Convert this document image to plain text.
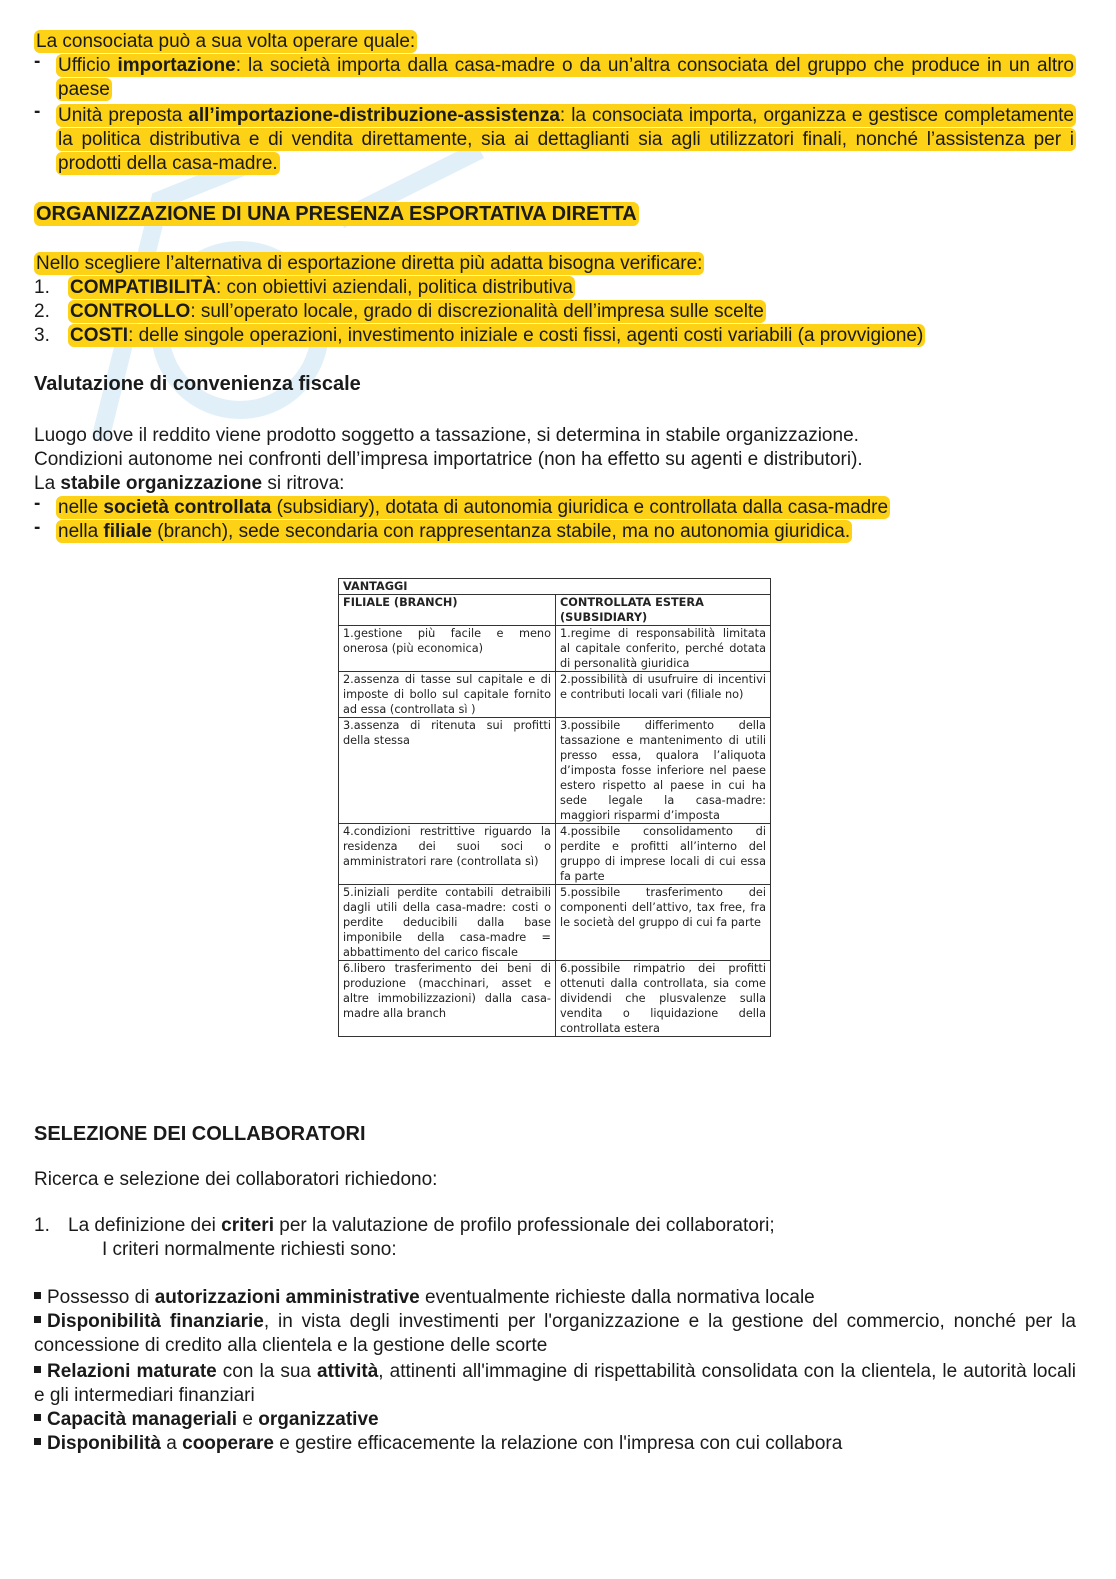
La consociata può a sua volta operare quale:

- Ufficio importazione: la società importa dalla casa-madre o da un’altra consociata del gruppo che produce in un altro paese
- Unità preposta all’importazione-distribuzione-assistenza: la consociata importa, organizza e gestisce completamente la politica distributiva e di vendita direttamente, sia ai dettaglianti sia agli utilizzatori finali, nonché l’assistenza per i prodotti della casa-madre.

ORGANIZZAZIONE DI UNA PRESENZA ESPORTATIVA DIRETTA

Nello scegliere l’alternativa di esportazione diretta più adatta bisogna verificare:

1. COMPATIBILITÀ: con obiettivi aziendali, politica distributiva
2. CONTROLLO: sull’operato locale, grado di discrezionalità dell’impresa sulle scelte
3. COSTI: delle singole operazioni, investimento iniziale e costi fissi, agenti costi variabili (a provvigione)

Valutazione di convenienza fiscale

Luogo dove il reddito viene prodotto soggetto a tassazione, si determina in stabile organizzazione.

Condizioni autonome nei confronti dell’impresa importatrice (non ha effetto su agenti e distributori).

La stabile organizzazione si ritrova:

- nelle società controllata (subsidiary), dotata di autonomia giuridica e controllata dalla casa-madre
- nella filiale (branch), sede secondaria con rappresentanza stabile, ma no autonomia giuridica.
VANTAGGI	
FILIALE (BRANCH)	CONTROLLATA ESTERA (SUBSIDIARY)
1.gestione più facile e meno onerosa (più economica)	1.regime di responsabilità limitata al capitale conferito, perché dotata di personalità giuridica
2.assenza di tasse sul capitale e di imposte di bollo sul capitale fornito ad essa (controllata sì )	2.possibilità di usufruire di incentivi e contributi locali vari (filiale no)
3.assenza di ritenuta sui profitti della stessa	3.possibile differimento della tassazione e mantenimento di utili presso essa, qualora l’aliquota d’imposta fosse inferiore nel paese estero rispetto al paese in cui ha sede legale la casa-madre: maggiori risparmi d’imposta
4.condizioni restrittive riguardo la residenza dei suoi soci o amministratori rare (controllata sì)	4.possibile consolidamento di perdite e profitti all’interno del gruppo di imprese locali di cui essa fa parte
5.iniziali perdite contabili detraibili dagli utili della casa-madre: costi o perdite deducibili dalla base imponibile della casa-madre = abbattimento del carico fiscale	5.possibile trasferimento dei componenti dell’attivo, tax free, fra le società del gruppo di cui fa parte
6.libero trasferimento dei beni di produzione (macchinari, asset e altre immobilizzazioni) dalla casa-madre alla branch	6.possibile rimpatrio dei profitti ottenuti dalla controllata, sia come dividendi che plusvalenze sulla vendita o liquidazione della controllata estera

SELEZIONE DEI COLLABORATORI

Ricerca e selezione dei collaboratori richiedono:

1. La definizione dei criteri per la valutazione de profilo professionale dei collaboratori;

I criteri normalmente richiesti sono:

Possesso di autorizzazioni amministrative eventualmente richieste dalla normativa locale
Disponibilità finanziarie, in vista degli investimenti per l'organizzazione e la gestione del commercio, nonché per la concessione di credito alla clientela e la gestione delle scorte
Relazioni maturate con la sua attività, attinenti all'immagine di rispettabilità consolidata con la clientela, le autorità locali e gli intermediari finanziari
Capacità manageriali e organizzative
Disponibilità a cooperare e gestire efficacemente la relazione con l'impresa con cui collabora
